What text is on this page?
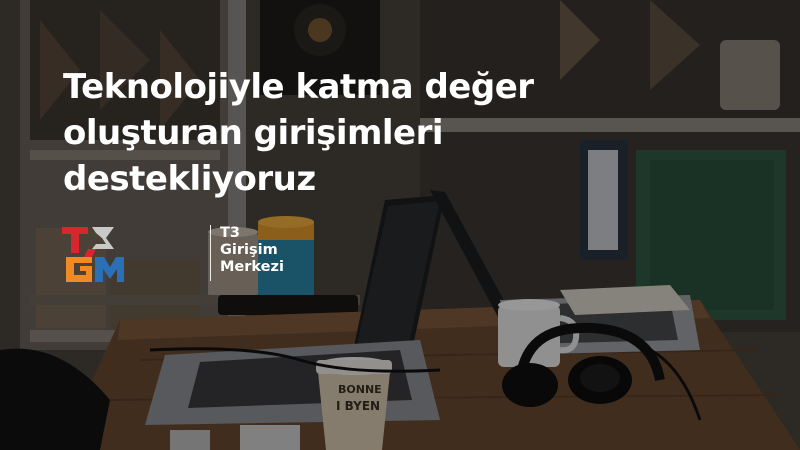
BONNE
I BYEN
Teknolojiyle katma değer
oluşturan girişimleri
destekliyoruz
T3
Girişim
Merkezi
